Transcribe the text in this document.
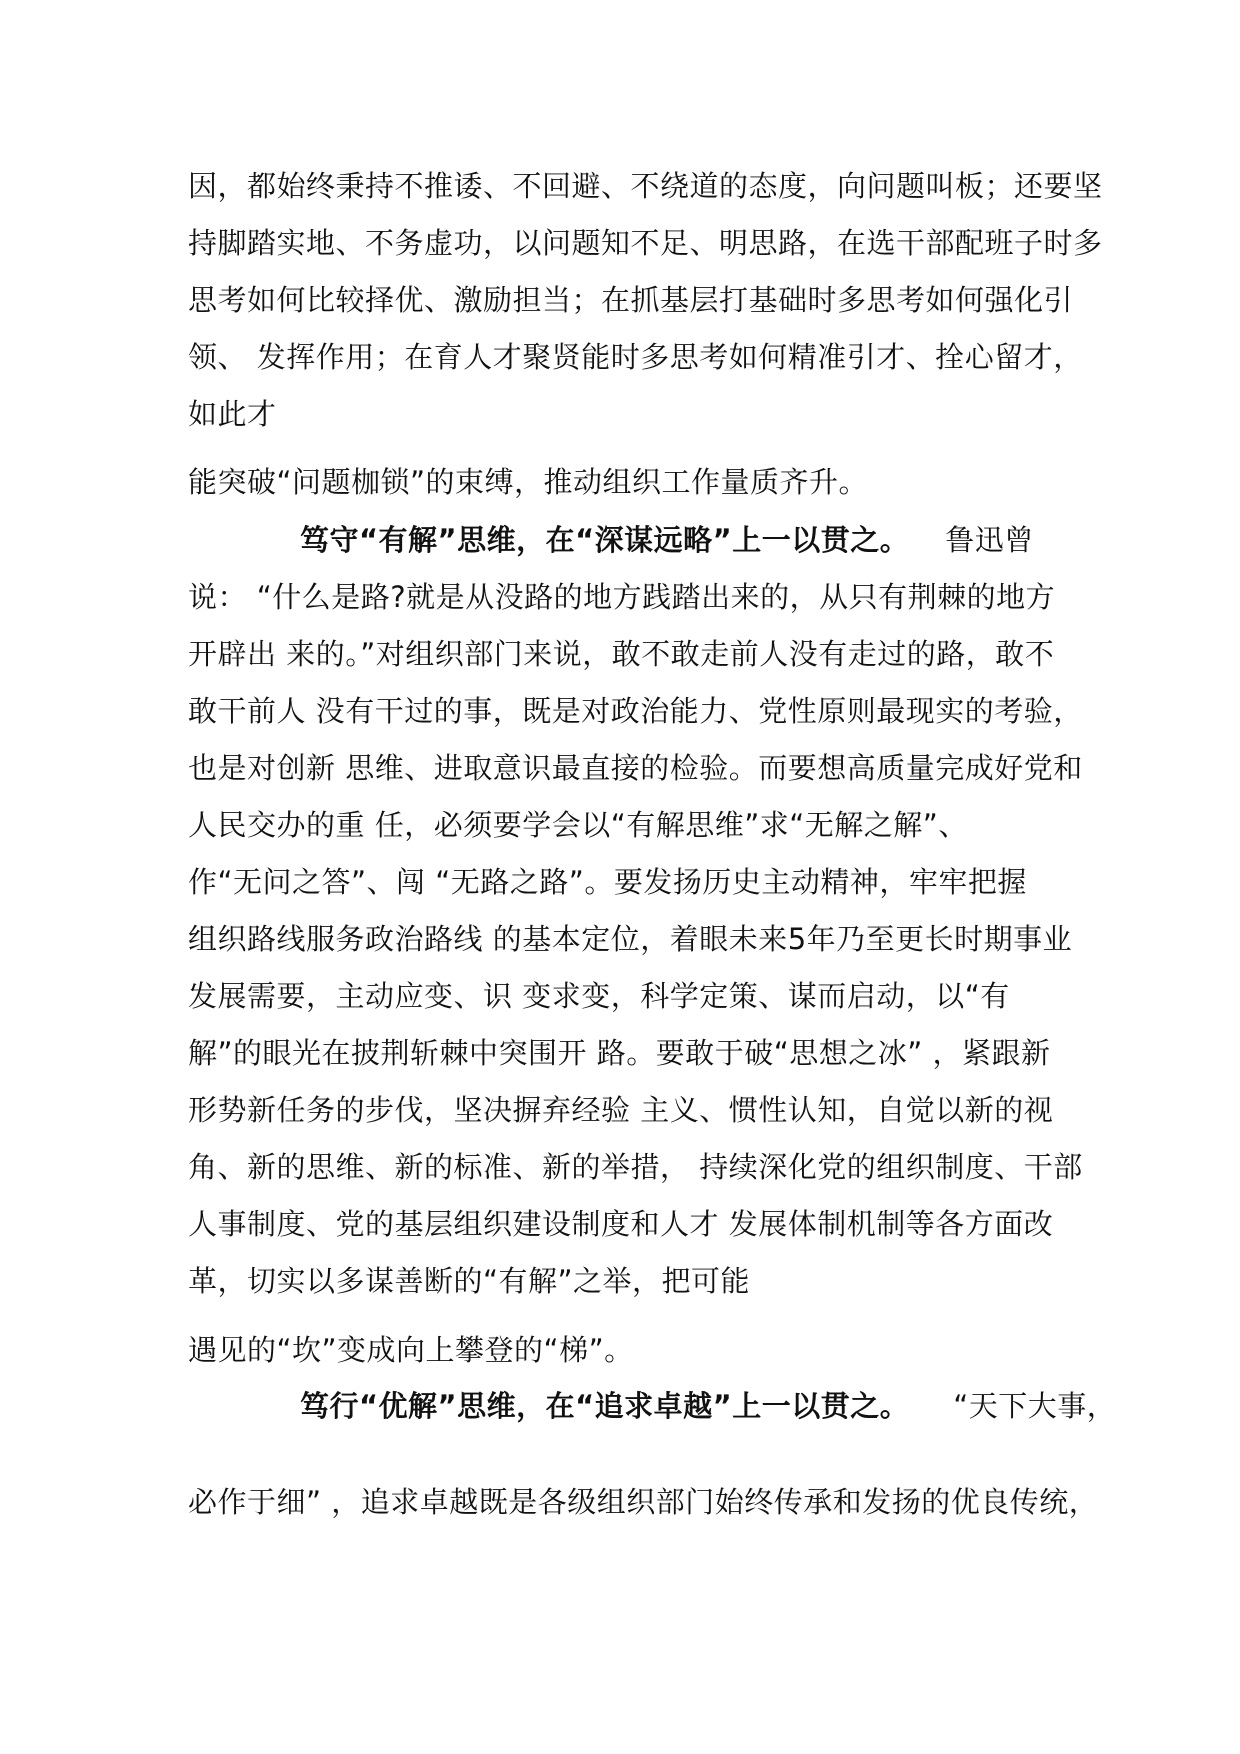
因，都始终秉持不推诿、不回避、不绕道的态度，向问题叫板；还要坚
持脚踏实地、不务虚功，以问题知不足、明思路，在选干部配班子时多
思考如何比较择优、激励担当；在抓基层打基础时多思考如何强化引
领、 发挥作用；在育人才聚贤能时多思考如何精准引才、拴心留才，
如此才
能突破“问题枷锁”的束缚，推动组织工作量质齐升。
笃守“有解”思维，在“深谋远略”上一以贯之。 鲁迅曾
说： “什么是路?就是从没路的地方践踏出来的，从只有荆棘的地方
开辟出 来的。”对组织部门来说，敢不敢走前人没有走过的路，敢不
敢干前人 没有干过的事，既是对政治能力、党性原则最现实的考验，
也是对创新 思维、进取意识最直接的检验。而要想高质量完成好党和
人民交办的重 任，必须要学会以“有解思维”求“无解之解”、
作“无问之答”、闯 “无路之路”。要发扬历史主动精神，牢牢把握
组织路线服务政治路线 的基本定位，着眼未来5年乃至更长时期事业
发展需要，主动应变、识 变求变，科学定策、谋而启动，以“有
解”的眼光在披荆斩棘中突围开 路。要敢于破“思想之冰” ，紧跟新
形势新任务的步伐，坚决摒弃经验 主义、惯性认知，自觉以新的视
角、新的思维、新的标准、新的举措， 持续深化党的组织制度、干部
人事制度、党的基层组织建设制度和人才 发展体制机制等各方面改
革，切实以多谋善断的“有解”之举，把可能
遇见的“坎”变成向上攀登的“梯”。
笃行“优解”思维，在“追求卓越”上一以贯之。 “天下大事，
必作于细” ，追求卓越既是各级组织部门始终传承和发扬的优良传统，
